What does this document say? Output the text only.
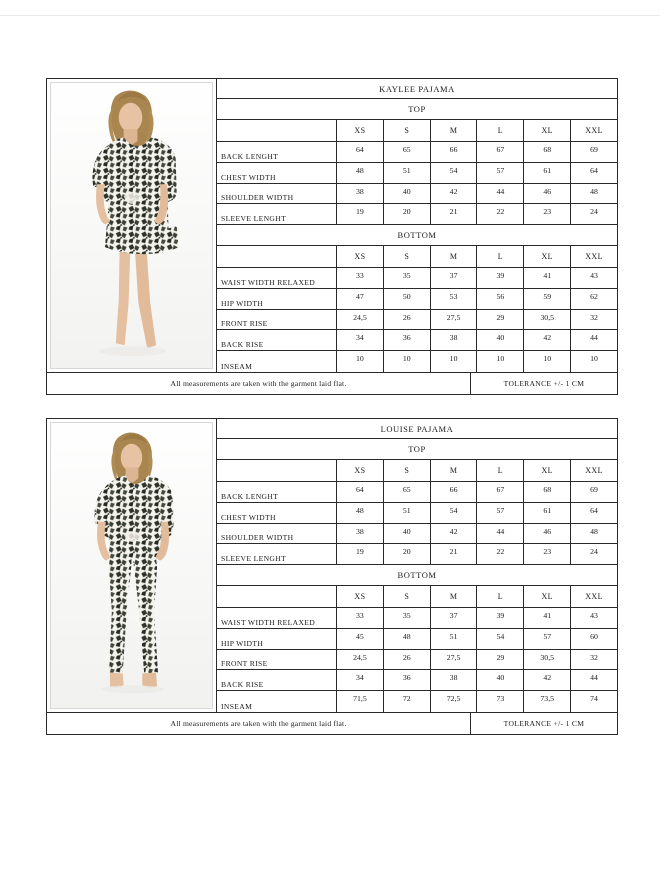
KAYLEE PAJAMA
TOP
XS	S	M	L	XL	XXL
BACK LENGHT
64	65	66	67	68	69
CHEST WIDTH
48	51	54	57	61	64
SHOULDER WIDTH
38	40	42	44	46	48
SLEEVE LENGHT
19	20	21	22	23	24
BOTTOM
XS	S	M	L	XL	XXL
WAIST WIDTH RELAXED
33	35	37	39	41	43
HIP WIDTH
47	50	53	56	59	62
FRONT RISE
24,5	26	27,5	29	30,5	32
BACK RISE
34	36	38	40	42	44
INSEAM
10	10	10	10	10	10
All measurements are taken with the garment laid flat.	TOLERANCE +/- 1 CM
LOUISE PAJAMA
TOP
XS	S	M	L	XL	XXL
BACK LENGHT
64	65	66	67	68	69
CHEST WIDTH
48	51	54	57	61	64
SHOULDER WIDTH
38	40	42	44	46	48
SLEEVE LENGHT
19	20	21	22	23	24
BOTTOM
XS	S	M	L	XL	XXL
WAIST WIDTH RELAXED
33	35	37	39	41	43
HIP WIDTH
45	48	51	54	57	60
FRONT RISE
24,5	26	27,5	29	30,5	32
BACK RISE
34	36	38	40	42	44
INSEAM
71,5	72	72,5	73	73,5	74
All measurements are taken with the garment laid flat.	TOLERANCE +/- 1 CM
